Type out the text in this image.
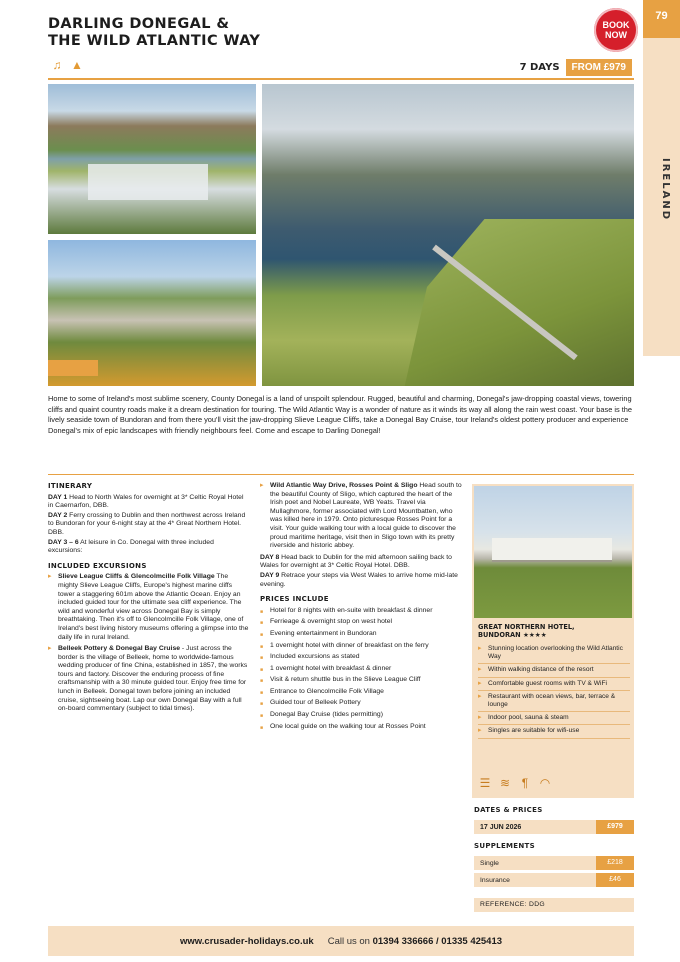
DARLING DONEGAL &
THE WILD ATLANTIC WAY
BOOK
NOW
79
IRELAND
♫ ▲	7 DAYS	FROM £979
Home to some of Ireland's most sublime scenery, County Donegal is a land of unspoilt splendour. Rugged, beautiful and charming, Donegal's jaw-dropping coastal views, towering cliffs and quaint country roads make it a dream destination for touring. The Wild Atlantic Way is a wonder of nature as it winds its way all along the rain west coast. Your base is the lively seaside town of Bundoran and from there you'll visit the jaw-dropping Slieve League Cliffs, take a Donegal Bay Cruise, tour Ireland's oldest pottery producer and experience Donegal's mix of epic landscapes with friendly neighbours feel. Come and escape to Darling Donegal!
ITINERARY

DAY 1 Head to North Wales for overnight at 3* Celtic Royal Hotel in Caernarfon, DBB.

DAY 2 Ferry crossing to Dublin and then northwest across Ireland to Bundoran for your 6-night stay at the 4* Great Northern Hotel. DBB.

DAY 3 – 6 At leisure in Co. Donegal with three included excursions:

INCLUDED EXCURSIONS
▸ Slieve League Cliffs & Glencolmcille Folk Village The mighty Slieve League Cliffs, Europe's highest marine cliffs tower a staggering 601m above the Atlantic Ocean. Enjoy an included guided tour for the ultimate sea cliff experience. The wild and wonderful view across Donegal Bay is simply breathtaking. Then it's off to Glencolmcille Folk Village, one of Ireland's best living history museums offering a glimpse into the daily life in rural Ireland.
▸ Belleek Pottery & Donegal Bay Cruise - Just across the border is the village of Belleek, home to worldwide-famous wedding producer of fine China, established in 1857, the works tours and factory. Discover the enduring process of fine craftsmanship with a 30 minute guided tour. Enjoy free time for lunch in Belleek. Donegal town before joining an included cruise, sightseeing boat. Lap our own Donegal Bay with a full on-board commentary (subject to tidal times).
▸ Wild Atlantic Way Drive, Rosses Point & Sligo Head south to the beautiful County of Sligo, which captured the heart of the Irish poet and Nobel Laureate, WB Yeats. Travel via Mullaghmore, former associated with Lord Mountbatten, who was killed here in 1979. Onto picturesque Rosses Point for a visit. Your guide walking tour with a local guide to discover the proud maritime heritage, visit then in Sligo town with its pretty riverside and historic abbey.

DAY 8 Head back to Dublin for the mid afternoon sailing back to Wales for overnight at 3* Celtic Royal Hotel. DBB.

DAY 9 Retrace your steps via West Wales to arrive home mid-late evening.

PRICES INCLUDE
■ Hotel for 8 nights with en-suite with breakfast & dinner
■ Ferrieage & overnight stop on west hotel
■ Evening entertainment in Bundoran
■ 1 overnight hotel with dinner of breakfast on the ferry
■ Included excursions as stated
■ 1 overnight hotel with breakfast & dinner
■ Visit & return shuttle bus in the Slieve League Cliff
■ Entrance to Glencolmcille Folk Village
■ Guided tour of Belleek Pottery
■ Donegal Bay Cruise (tides permitting)
■ One local guide on the walking tour at Rosses Point
GREAT NORTHERN HOTEL,
BUNDORAN ★★★★
▸ Stunning location overlooking the Wild Atlantic Way
▸ Within walking distance of the resort
▸ Comfortable guest rooms with TV & WiFi
▸ Restaurant with ocean views, bar, terrace & lounge
▸ Indoor pool, sauna & steam
▸ Singles are suitable for wifi-use
☰ ≋ ¶ ◠
DATES & PRICES
17 JUN 2026	£979
SUPPLEMENTS
Single	£218
Insurance	£46
REFERENCE: DDG
www.crusader-holidays.co.uk Call us on 01394 336666 / 01335 425413
